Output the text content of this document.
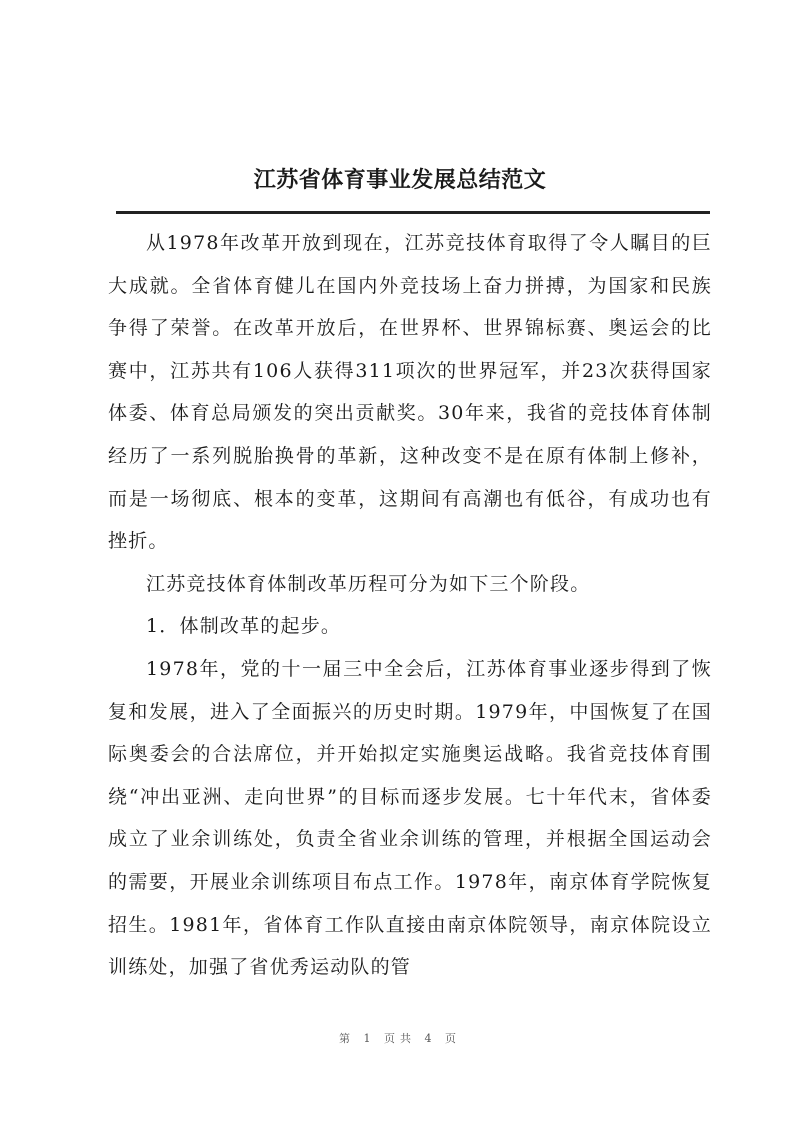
江苏省体育事业发展总结范文

从1978年改革开放到现在，江苏竞技体育取得了令人瞩目的巨大成就。全省体育健儿在国内外竞技场上奋力拼搏，为国家和民族争得了荣誉。在改革开放后，在世界杯、世界锦标赛、奥运会的比赛中，江苏共有106人获得311项次的世界冠军，并23次获得国家体委、体育总局颁发的突出贡献奖。30年来，我省的竞技体育体制经历了一系列脱胎换骨的革新，这种改变不是在原有体制上修补，而是一场彻底、根本的变革，这期间有高潮也有低谷，有成功也有挫折。

江苏竞技体育体制改革历程可分为如下三个阶段。

1．体制改革的起步。

1978年，党的十一届三中全会后，江苏体育事业逐步得到了恢复和发展，进入了全面振兴的历史时期。1979年，中国恢复了在国际奥委会的合法席位，并开始拟定实施奥运战略。我省竞技体育围绕“冲出亚洲、走向世界”的目标而逐步发展。七十年代末，省体委成立了业余训练处，负责全省业余训练的管理，并根据全国运动会的需要，开展业余训练项目布点工作。1978年，南京体育学院恢复招生。1981年，省体育工作队直接由南京体院领导，南京体院设立训练处，加强了省优秀运动队的管

第 1 页共 4 页
